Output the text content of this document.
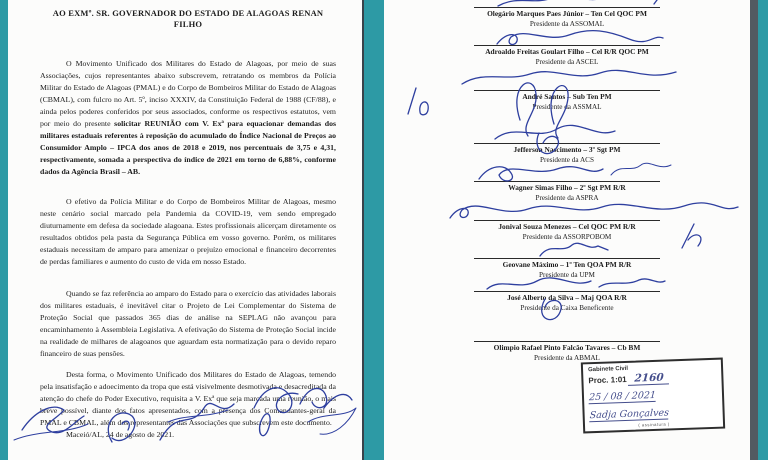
AO EXMº. SR. GOVERNADOR DO ESTADO DE ALAGOAS RENAN FILHO

O Movimento Unificado dos Militares do Estado de Alagoas, por meio de suas Associações, cujos representantes abaixo subscrevem, retratando os membros da Polícia Militar do Estado de Alagoas (PMAL) e do Corpo de Bombeiros Militar do Estado de Alagoas (CBMAL), com fulcro no Art. 5º, inciso XXXIV, da Constituição Federal de 1988 (CF/88), e ainda pelos poderes conferidos por seus associados, conforme os respectivos estatutos, vem por meio do presente solicitar REUNIÃO com V. Exª para equacionar demandas dos militares estaduais referentes à reposição do acumulado do Índice Nacional de Preços ao Consumidor Amplo – IPCA dos anos de 2018 e 2019, nos percentuais de 3,75 e 4,31, respectivamente, somada a perspectiva do índice de 2021 em torno de 6,88%, conforme dados da Agência Brasil – AB.

O efetivo da Polícia Militar e do Corpo de Bombeiros Militar de Alagoas, mesmo neste cenário social marcado pela Pandemia da COVID-19, vem sendo empregado diuturnamente em defesa da sociedade alagoana. Estes profissionais alicerçam diretamente os resultados obtidos pela pasta da Segurança Pública em vosso governo. Porém, os militares estaduais necessitam de amparo para amenizar o prejuízo emocional e financeiro decorrentes de perdas familiares e aumento do custo de vida em nosso Estado.

Quando se faz referência ao amparo do Estado para o exercício das atividades laborais dos militares estaduais, é inevitável citar o Projeto de Lei Complementar do Sistema de Proteção Social que passados 365 dias de análise na SEPLAG não avançou para encaminhamento à Assembleia Legislativa. A efetivação do Sistema de Proteção Social incide na realidade de milhares de alagoanos que aguardam esta normatização para o devido reparo financeiro de suas pensões.

Desta forma, o Movimento Unificado dos Militares do Estado de Alagoas, temendo pela insatisfação e adoecimento da tropa que está visivelmente desmotivada e desacreditada da atenção do chefe do Poder Executivo, requisita a V. Exª que seja marcada uma reunião, o mais breve possível, diante dos fatos apresentados, com a presença dos Comandantes-geral da PMAL e CBMAL, além dos representantes das Associações que subscrevem este documento.

Maceió/AL, 24 de agosto de 2021.

Olegário Marques Paes Júnior – Ten Cel QOC PM
Presidente da ASSOMAL
Adroaldo Freitas Goulart Filho – Cel R/R QOC PM
Presidente da ASCEL
André Santos – Sub Ten PM
Presidente da ASSMAL
Jefferson Nascimento – 3º Sgt PM
Presidente da ACS
Wagner Simas Filho – 2º Sgt PM R/R
Presidente da ASPRA
Jonival Souza Menezes – Cel QOC PM R/R
Presidente da ASSORPOBOM
Geovane Máximo – 1º Ten QOA PM R/R
Presidente da UPM
José Alberto da Silva – Maj QOA R/R
Presidente da Caixa Beneficente
Olimpio Rafael Pinto Falcão Tavares – Cb BM
Presidente da ABMAL
Gabinete Civil
Proc. 1:01 2160
25 / 08 / 2021 Sadja Gonçalves
( assinatura )
